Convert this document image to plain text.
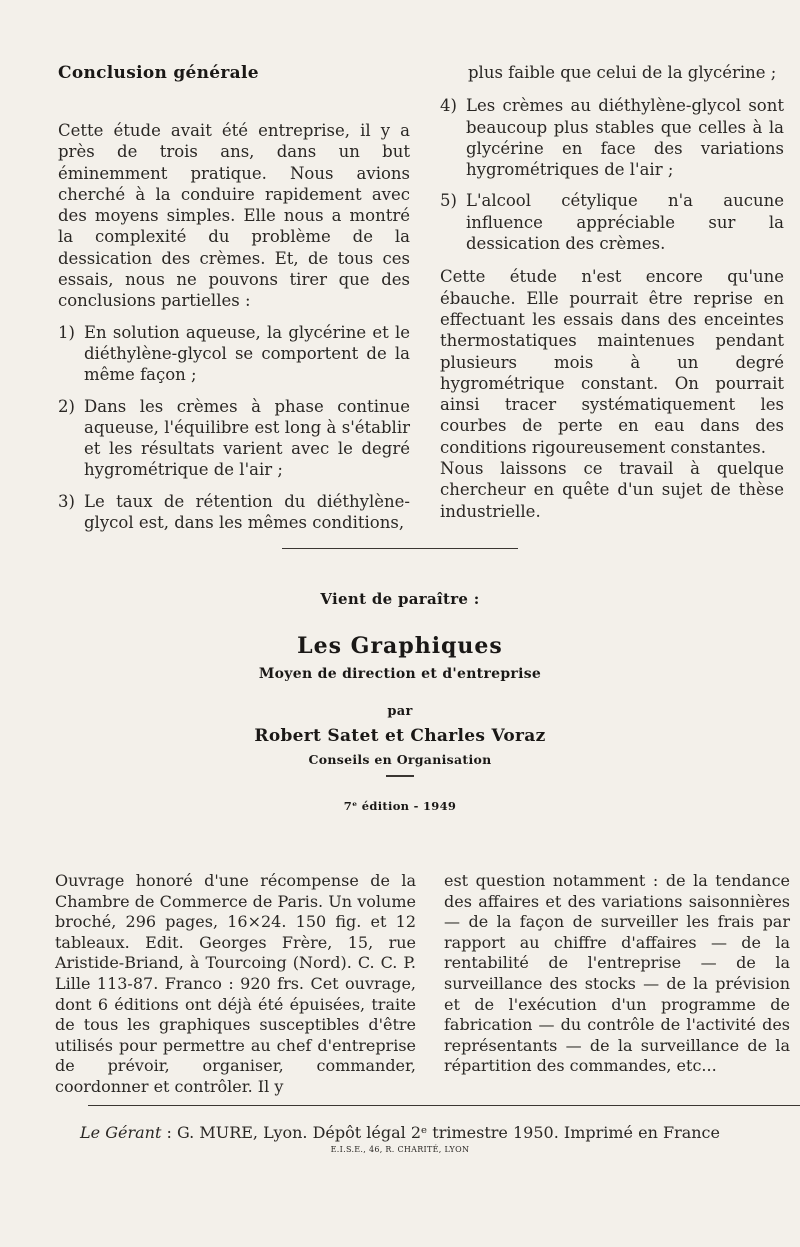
Conclusion générale

Cette étude avait été entreprise, il y a près de trois ans, dans un but éminemment pratique. Nous avions cherché à la conduire rapidement avec des moyens simples. Elle nous a montré la complexité du problème de la dessication des crèmes. Et, de tous ces essais, nous ne pouvons tirer que des conclusions partielles :

1) En solution aqueuse, la glycérine et le diéthylène-glycol se comportent de la même façon ;
2) Dans les crèmes à phase continue aqueuse, l'équilibre est long à s'établir et les résultats varient avec le degré hygrométrique de l'air ;
3) Le taux de rétention du diéthylène-glycol est, dans les mêmes conditions,

plus faible que celui de la glycérine ;

4) Les crèmes au diéthylène-glycol sont beaucoup plus stables que celles à la glycérine en face des variations hygrométriques de l'air ;
5) L'alcool cétylique n'a aucune influence appréciable sur la dessication des crèmes.

Cette étude n'est encore qu'une ébauche. Elle pourrait être reprise en effectuant les essais dans des enceintes thermostatiques maintenues pendant plusieurs mois à un degré hygrométrique constant. On pourrait ainsi tracer systématiquement les courbes de perte en eau dans des conditions rigoureusement constantes.

Nous laissons ce travail à quelque chercheur en quête d'un sujet de thèse industrielle.

Vient de paraître :
Les Graphiques
Moyen de direction et d'entreprise
par
Robert Satet et Charles Voraz
Conseils en Organisation
7ᵉ édition - 1949

Ouvrage honoré d'une récompense de la Chambre de Commerce de Paris. Un volume broché, 296 pages, 16×24. 150 fig. et 12 tableaux. Edit. Georges Frère, 15, rue Aristide-Briand, à Tourcoing (Nord). C. C. P. Lille 113-87. Franco : 920 frs. Cet ouvrage, dont 6 éditions ont déjà été épuisées, traite de tous les graphiques susceptibles d'être utilisés pour permettre au chef d'entreprise de prévoir, organiser, commander, coordonner et contrôler. Il y

est question notamment : de la tendance des affaires et des variations saisonnières — de la façon de surveiller les frais par rapport au chiffre d'affaires — de la rentabilité de l'entreprise — de la surveillance des stocks — de la prévision et de l'exécution d'un programme de fabrication — du contrôle de l'activité des représentants — de la surveillance de la répartition des commandes, etc...

Le Gérant : G. MURE, Lyon. Dépôt légal 2ᵉ trimestre 1950. Imprimé en France
E.I.S.E., 46, R. CHARITÉ, LYON
